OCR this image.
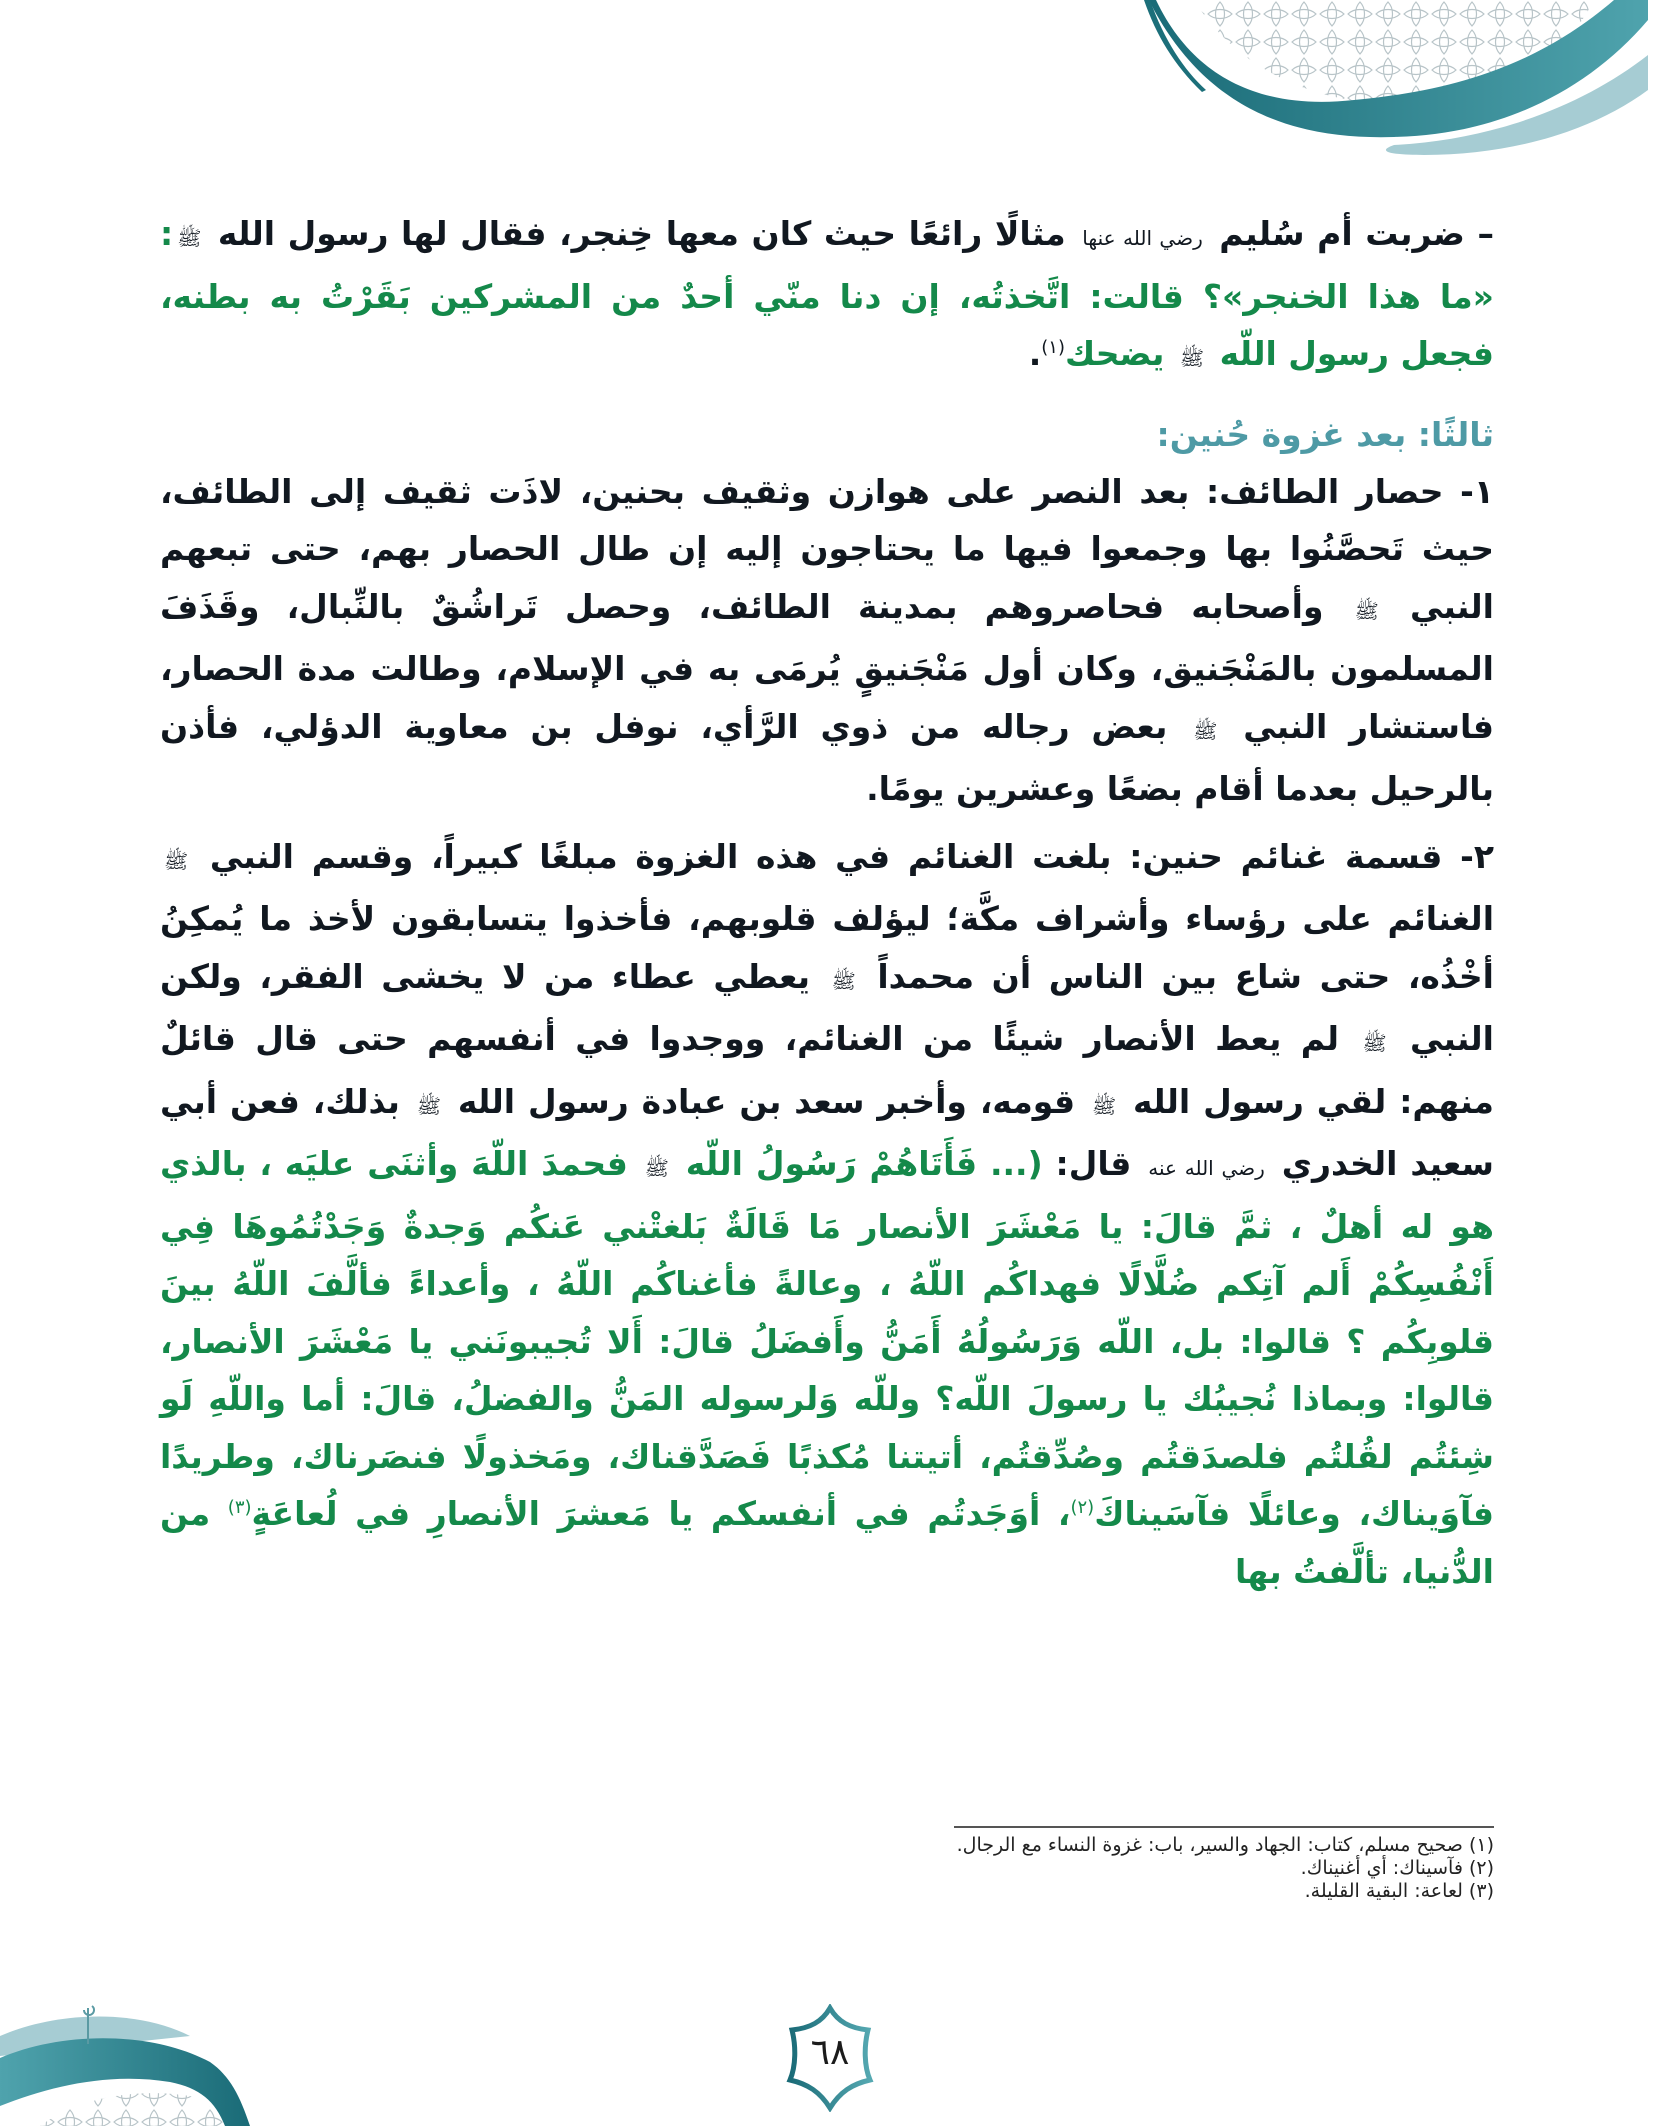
– ضربت أم سُليم رضي الله عنها مثالًا رائعًا حيث كان معها خِنجر، فقال لها رسول الله ﷺ: «ما هذا الخنجر»؟ قالت: اتَّخذتُه، إن دنا منّي أحدٌ من المشركين بَقَرْتُ به بطنه، فجعل رسول اللّه ﷺ يضحك$^{(١)}$.

ثالثًا: بعد غزوة حُنين:

١- حصار الطائف: بعد النصر على هوازن وثقيف بحنين، لاذَت ثقيف إلى الطائف، حيث تَحصَّنُوا بها وجمعوا فيها ما يحتاجون إليه إن طال الحصار بهم، حتى تبعهم النبي ﷺ وأصحابه فحاصروهم بمدينة الطائف، وحصل تَراشُقٌ بالنِّبال، وقَذَفَ المسلمون بالمَنْجَنيق، وكان أول مَنْجَنيقٍ يُرمَى به في الإسلام، وطالت مدة الحصار، فاستشار النبي ﷺ بعض رجاله من ذوي الرَّأي، نوفل بن معاوية الدؤلي، فأذن بالرحيل بعدما أقام بضعًا وعشرين يومًا.

٢- قسمة غنائم حنين: بلغت الغنائم في هذه الغزوة مبلغًا كبيراً، وقسم النبي ﷺ الغنائم على رؤساء وأشراف مكَّة؛ ليؤلف قلوبهم، فأخذوا يتسابقون لأخذ ما يُمكِنُ أخْذُه، حتى شاع بين الناس أن محمداً ﷺ يعطي عطاء من لا يخشى الفقر، ولكن النبي ﷺ لم يعط الأنصار شيئًا من الغنائم، ووجدوا في أنفسهم حتى قال قائلٌ منهم: لقي رسول الله ﷺ قومه، وأخبر سعد بن عبادة رسول الله ﷺ بذلك، فعن أبي سعيد الخدري رضي الله عنه قال: (... فَأَتَاهُمْ رَسُولُ اللّه ﷺ فحمدَ اللّهَ وأثنَى عليَه ، بالذي هو له أهلٌ ، ثمَّ قالَ: يا مَعْشَرَ الأنصار مَا قَالَةٌ بَلغتْني عَنكُم وَجدةٌ وَجَدْتُمُوهَا فِي أَنْفُسِكُمْ أَلم آتِكم ضُلَّالًا فهداكُم اللّهُ ، وعالةً فأغناكُم اللّهُ ، وأعداءً فألَّفَ اللّهُ بينَ قلوبِكُم ؟ قالوا: بل، اللّه وَرَسُولُهُ أَمَنُّ وأَفضَلُ قالَ: أَلا تُجيبونَني يا مَعْشَرَ الأنصار، قالوا: وبماذا نُجيبُك يا رسولَ اللّه؟ وللّه وَلرسوله المَنُّ والفضلُ، قالَ: أما واللّهِ لَو شِئتُم لقُلتُم فلصدَقتُم وصُدِّقتُم، أتيتنا مُكذبًا فَصَدَّقناك، ومَخذولًا فنصَرناك، وطريدًا فآوَيناك، وعائلًا فآسَيناكَ$^{(٢)}$، أوَجَدتُم في أنفسكم يا مَعشرَ الأنصارِ في لُعاعَةٍ$^{(٣)}$ من الدُّنيا، تألَّفتُ بها

(١) صحيح مسلم، كتاب: الجهاد والسير، باب: غزوة النساء مع الرجال.

(٢) فآسيناك: أي أغنيناك.

(٣) لعاعة: البقية القليلة.

٦٨
